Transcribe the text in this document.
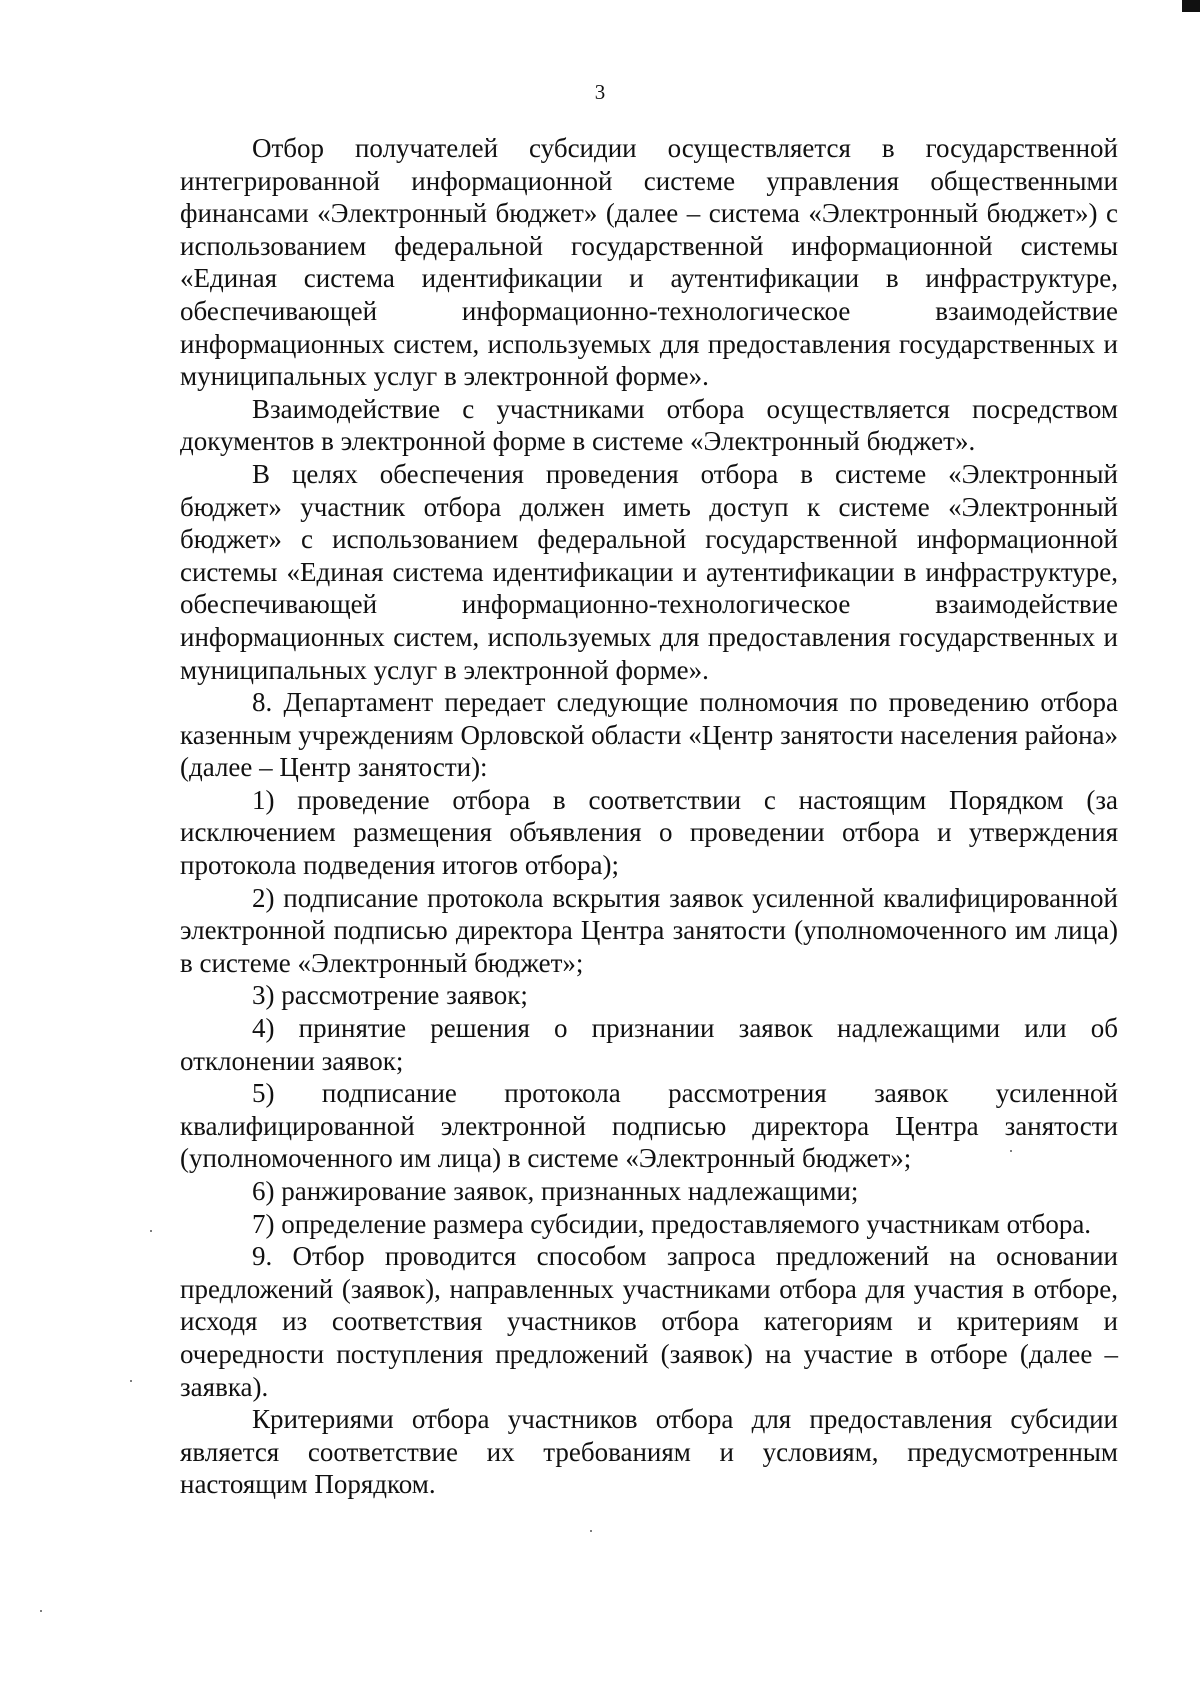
3

Отбор получателей субсидии осуществляется в государственной интегрированной информационной системе управления общественными финансами «Электронный бюджет» (далее – система «Электронный бюджет») с использованием федеральной государственной информационной системы «Единая система идентификации и аутентификации в инфраструктуре, обеспечивающей информационно-технологическое взаимодействие информационных систем, используемых для предоставления государственных и муниципальных услуг в электронной форме».

Взаимодействие с участниками отбора осуществляется посредством документов в электронной форме в системе «Электронный бюджет».

В целях обеспечения проведения отбора в системе «Электронный бюджет» участник отбора должен иметь доступ к системе «Электронный бюджет» с использованием федеральной государственной информационной системы «Единая система идентификации и аутентификации в инфраструктуре, обеспечивающей информационно-технологическое взаимодействие информационных систем, используемых для предоставления государственных и муниципальных услуг в электронной форме».

8. Департамент передает следующие полномочия по проведению отбора казенным учреждениям Орловской области «Центр занятости населения района» (далее – Центр занятости):

1) проведение отбора в соответствии с настоящим Порядком (за исключением размещения объявления о проведении отбора и утверждения протокола подведения итогов отбора);

2) подписание протокола вскрытия заявок усиленной квалифицированной электронной подписью директора Центра занятости (уполномоченного им лица) в системе «Электронный бюджет»;

3) рассмотрение заявок;

4) принятие решения о признании заявок надлежащими или об отклонении заявок;

5) подписание протокола рассмотрения заявок усиленной квалифицированной электронной подписью директора Центра занятости (уполномоченного им лица) в системе «Электронный бюджет»;

6) ранжирование заявок, признанных надлежащими;

7) определение размера субсидии, предоставляемого участникам отбора.

9. Отбор проводится способом запроса предложений на основании предложений (заявок), направленных участниками отбора для участия в отборе, исходя из соответствия участников отбора категориям и критериям и очередности поступления предложений (заявок) на участие в отборе (далее – заявка).

Критериями отбора участников отбора для предоставления субсидии является соответствие их требованиям и условиям, предусмотренным настоящим Порядком.
